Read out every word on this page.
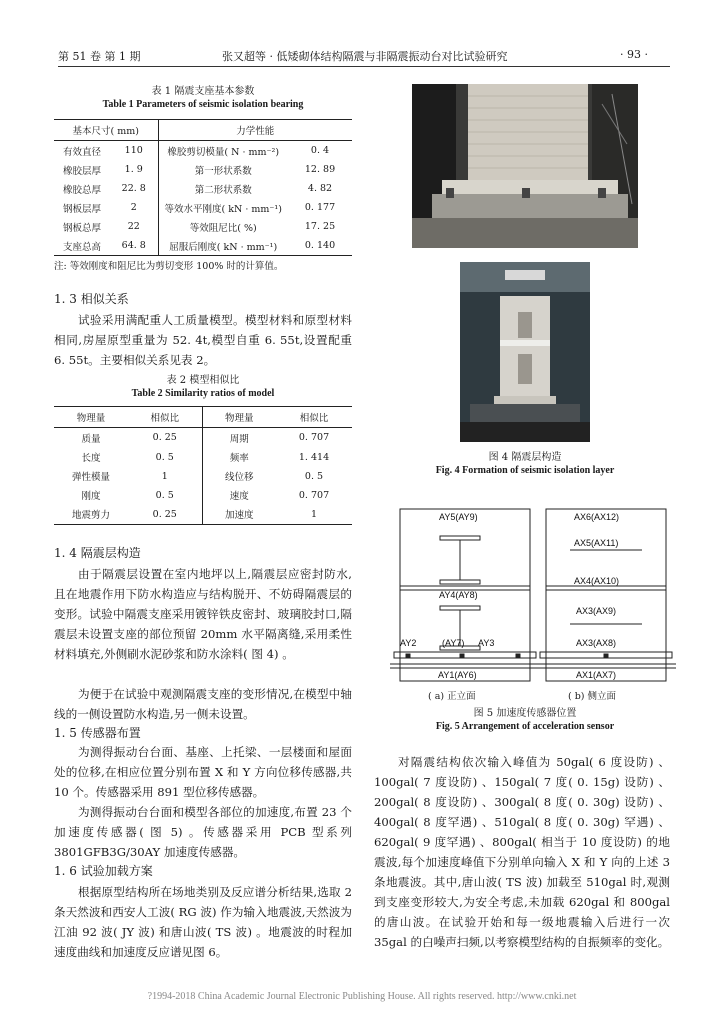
第 51 卷 第 1 期	张又超等 · 低矮砌体结构隔震与非隔震振动台对比试验研究	· 93 ·
表 1 隔震支座基本参数
Table 1 Parameters of seismic isolation bearing
基本尺寸( mm)		力学性能	
有效直径	110	橡胶剪切模量( N · mm⁻²)	0. 4
橡胶层厚	1. 9	第一形状系数	12. 89
橡胶总厚	22. 8	第二形状系数	4. 82
钢板层厚	2	等效水平刚度( kN · mm⁻¹)	0. 177
钢板总厚	22	等效阻尼比( %)	17. 25
支座总高	64. 8	屈服后刚度( kN · mm⁻¹)	0. 140
注: 等效刚度和阻尼比为剪切变形 100% 时的计算值。
1. 3 相似关系
试验采用满配重人工质量模型。模型材料和原型材料相同,房屋原型重量为 52. 4t,模型自重 6. 55t,设置配重 6. 55t。主要相似关系见表 2。
表 2 模型相似比
Table 2 Similarity ratios of model
物理量	相似比	物理量	相似比
质量	0. 25	周期	0. 707
长度	0. 5	频率	1. 414
弹性模量	1	线位移	0. 5
刚度	0. 5	速度	0. 707
地震剪力	0. 25	加速度	1
1. 4 隔震层构造
由于隔震层设置在室内地坪以上,隔震层应密封防水,且在地震作用下防水构造应与结构脱开、不妨碍隔震层的变形。试验中隔震支座采用镀锌铁皮密封、玻璃胶封口,隔震层未设置支座的部位预留 20mm 水平隔离缝,采用柔性材料填充,外侧刷水泥砂浆和防水涂料( 图 4) 。
为便于在试验中观测隔震支座的变形情况,在模型中轴线的一侧设置防水构造,另一侧未设置。
1. 5 传感器布置
为测得振动台台面、基座、上托梁、一层楼面和屋面处的位移,在相应位置分别布置 X 和 Y 方向位移传感器,共 10 个。传感器采用 891 型位移传感器。
为测得振动台台面和模型各部位的加速度,布置 23 个加速度传感器( 图 5) 。传感器采用 PCB 型系列 3801GFB3G/30AY 加速度传感器。
1. 6 试验加载方案
根据原型结构所在场地类别及反应谱分析结果,选取 2 条天然波和西安人工波( RG 波) 作为输入地震波,天然波为江油 92 波( JY 波) 和唐山波( TS 波) 。地震波的时程加速度曲线和加速度反应谱见图 6。
图 4 隔震层构造
Fig. 4 Formation of seismic isolation layer
AY5(AY9)
AY4(AY8)
AY2	(AY7) AY3
AY1(AY6)
AX6(AX12)
AX5(AX11)
AX4(AX10)
AX3(AX9)
AX3(AX8)
AX1(AX7)
( a) 正立面	( b) 侧立面
图 5 加速度传感器位置
Fig. 5 Arrangement of acceleration sensor
对隔震结构依次输入峰值为 50gal( 6 度设防) 、100gal( 7 度设防) 、150gal( 7 度( 0. 15g) 设防) 、200gal( 8 度设防) 、300gal( 8 度( 0. 30g) 设防) 、400gal( 8 度罕遇) 、510gal( 8 度( 0. 30g) 罕遇) 、620gal( 9 度罕遇) 、800gal( 相当于 10 度设防) 的地震波,每个加速度峰值下分别单向输入 X 和 Y 向的上述 3 条地震波。其中,唐山波( TS 波) 加载至 510gal 时,观测到支座变形较大,为安全考虑,未加载 620gal 和 800gal 的唐山波。在试验开始和每一级地震输入后进行一次 35gal 的白噪声扫频,以考察模型结构的自振频率的变化。
?1994-2018 China Academic Journal Electronic Publishing House. All rights reserved. http://www.cnki.net
